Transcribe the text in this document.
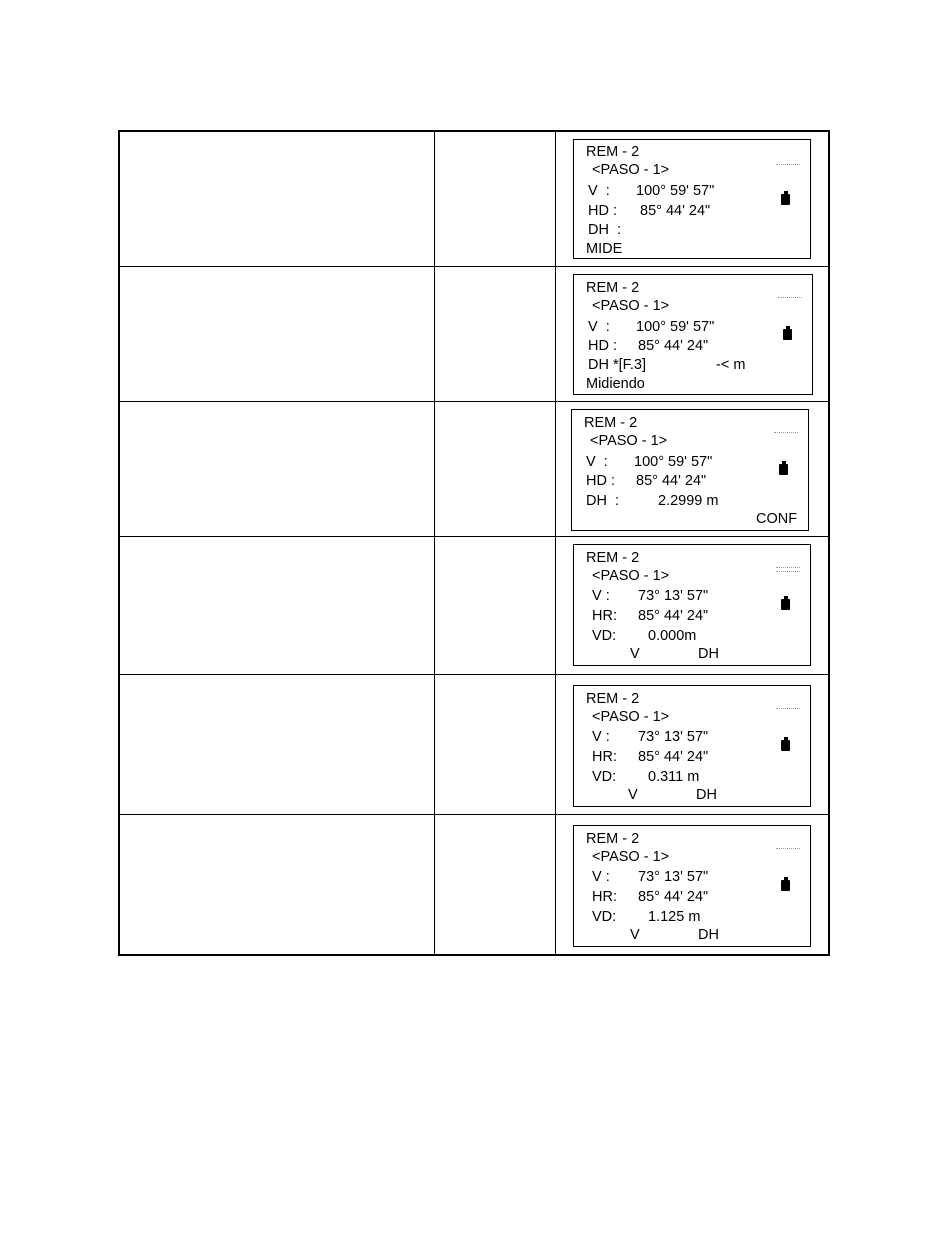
REM - 2
<PASO - 1>
V  : 100° 59' 57"
HD : 85° 44' 24"
DH  :
MIDE
REM - 2
<PASO - 1>
V  : 100° 59' 57"
HD : 85° 44' 24"
DH *[F.3]	-< m
Midiendo
REM - 2
<PASO - 1>
V  : 100° 59' 57"
HD : 85° 44' 24"
DH  :	2.2999 m
CONF
REM - 2
<PASO - 1>
V : 73° 13' 57"
HR: 85° 44' 24"
VD: 0.000m
V	DH
REM - 2
<PASO - 1>
V : 73° 13' 57"
HR: 85° 44' 24"
VD: 0.311 m
V	DH
REM - 2
<PASO - 1>
V : 73° 13' 57"
HR: 85° 44' 24"
VD: 1.125 m
V	DH
